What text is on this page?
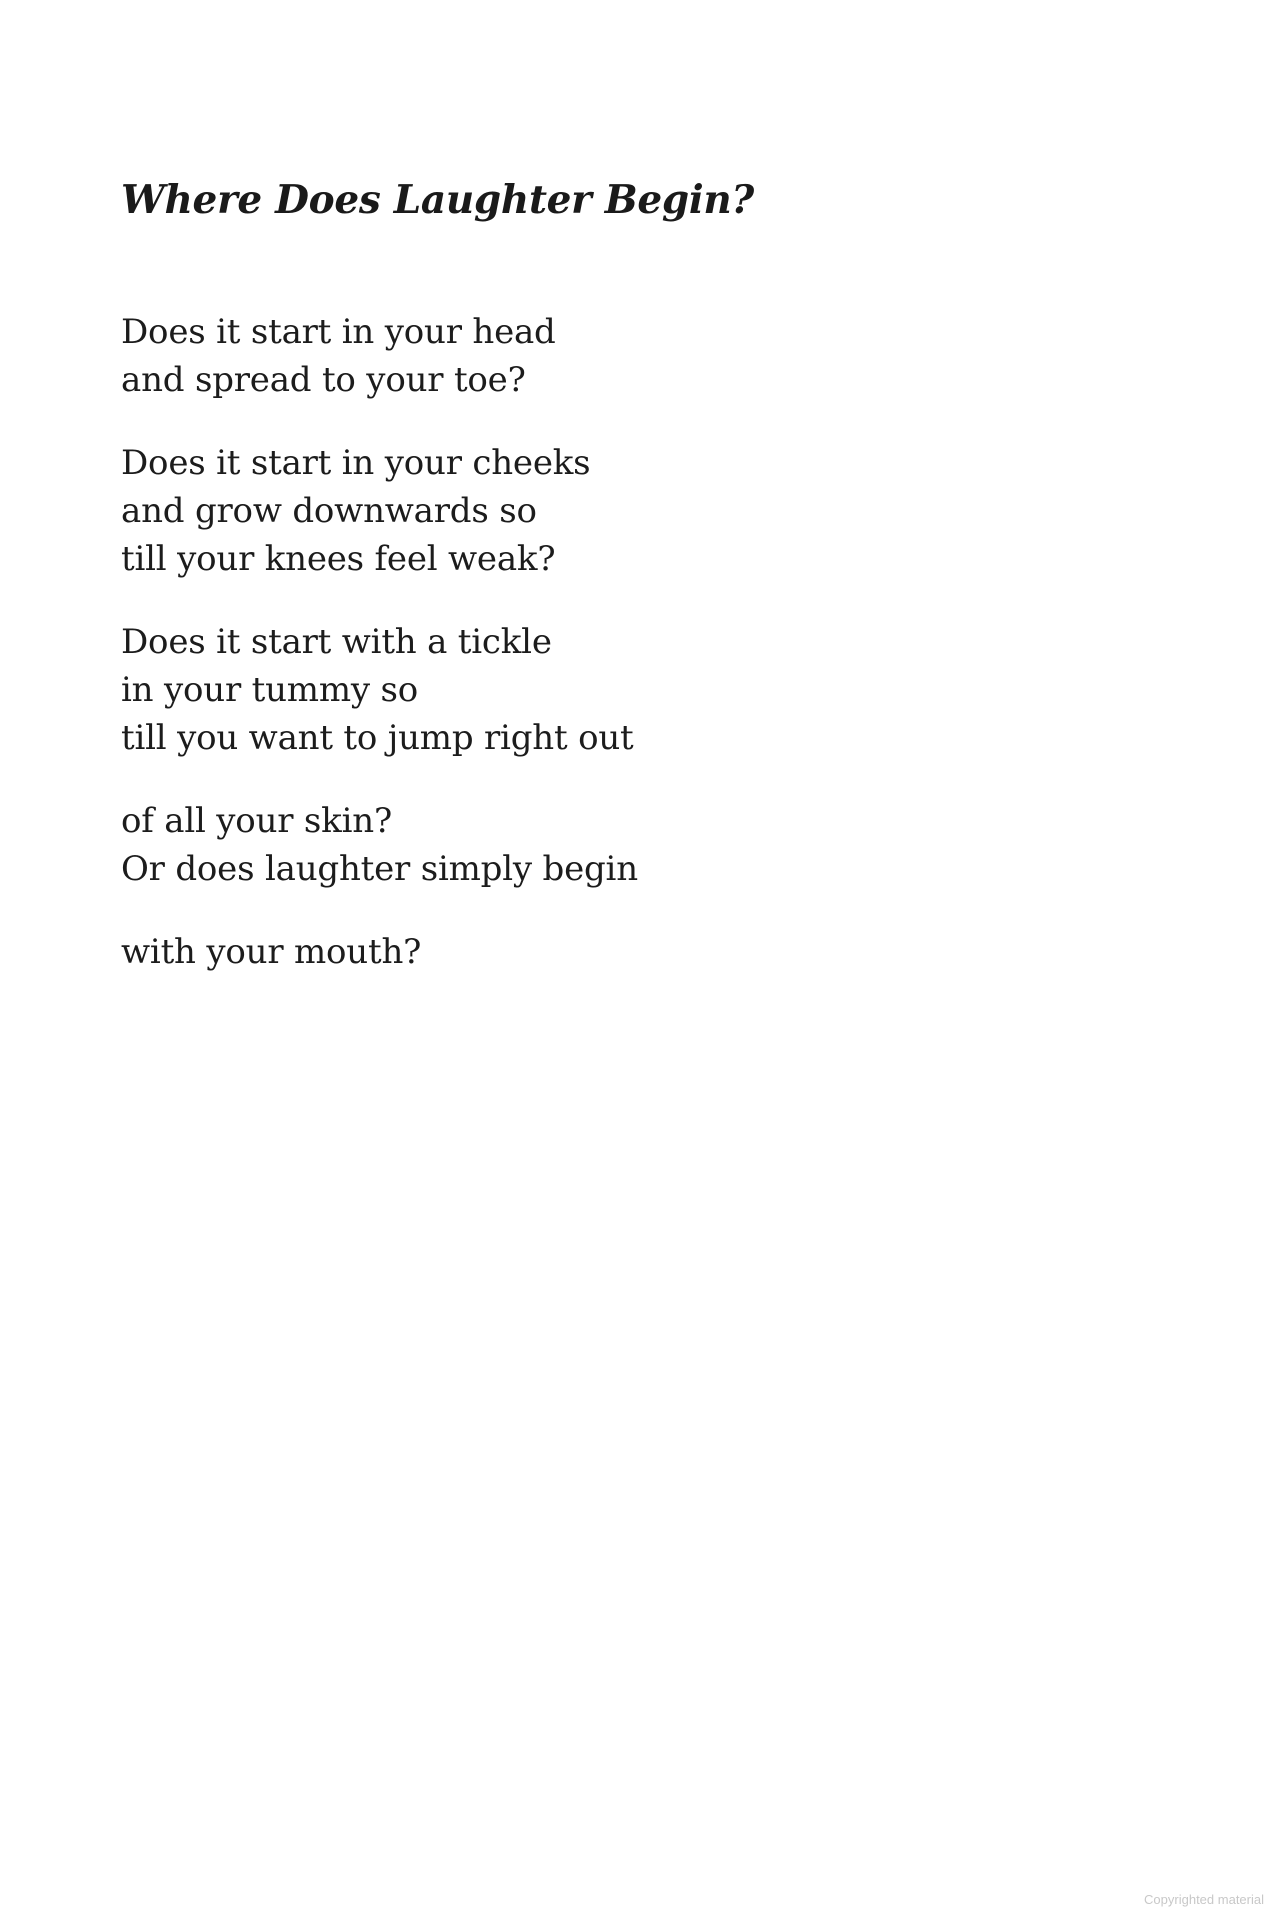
Where Does Laughter Begin?
Does it start in your head
and spread to your toe?
Does it start in your cheeks
and grow downwards so
till your knees feel weak?
Does it start with a tickle
in your tummy so
till you want to jump right out
of all your skin?
Or does laughter simply begin
with your mouth?
Copyrighted material
